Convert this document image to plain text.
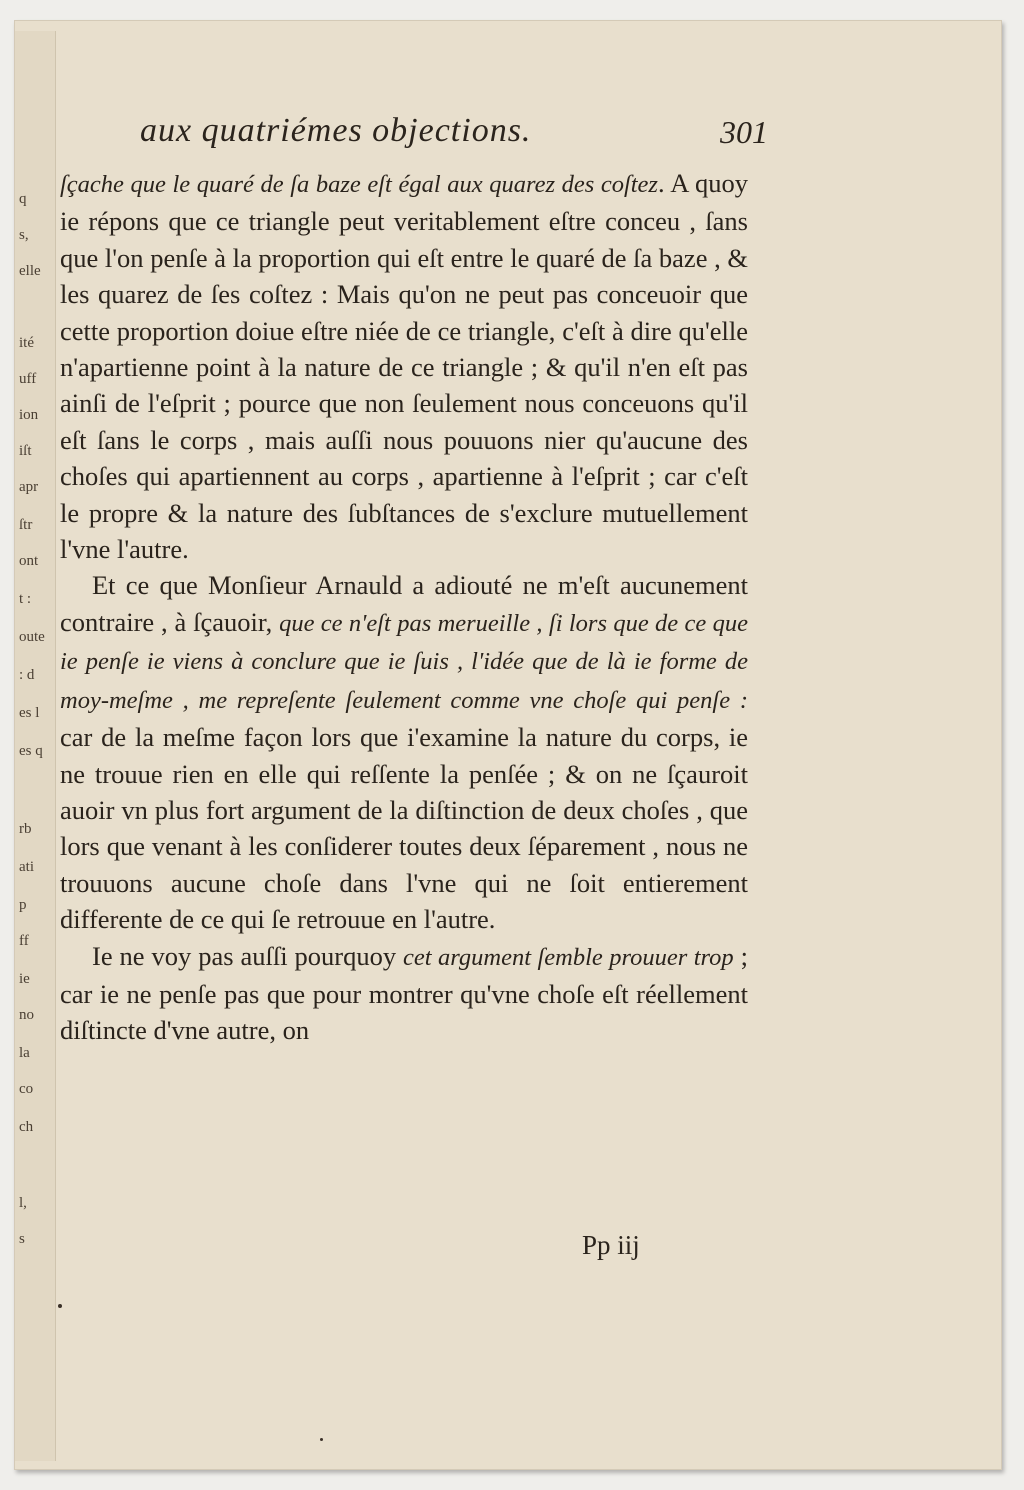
q
s,
elle
ité
uff
ion
iſt
apr
ſtr
ont
t :
oute
: d
es l
es q
rb
ati
p
ff
ie
no
la
co
ch
l,
s
aux quatriémes objections.	301

ſçache que le quaré de ſa baze eſt égal aux quarez des coſtez. A quoy ie répons que ce triangle peut veritablement eſtre conceu , ſans que l'on penſe à la proportion qui eſt entre le quaré de ſa baze , & les quarez de ſes coſtez : Mais qu'on ne peut pas conceuoir que cette proportion doiue eſtre niée de ce triangle, c'eſt à dire qu'elle n'apartienne point à la nature de ce triangle ; & qu'il n'en eſt pas ainſi de l'eſprit ; pource que non ſeulement nous conceuons qu'il eſt ſans le corps , mais auſſi nous pouuons nier qu'aucune des choſes qui apartiennent au corps , apartienne à l'eſprit ; car c'eſt le propre & la nature des ſubſtances de s'exclure mutuellement l'vne l'autre.

Et ce que Monſieur Arnauld a adiouté ne m'eſt aucunement contraire , à ſçauoir, que ce n'eſt pas merueille , ſi lors que de ce que ie penſe ie viens à conclure que ie ſuis , l'idée que de là ie forme de moy-meſme , me repreſente ſeulement comme vne choſe qui penſe : car de la meſme façon lors que i'examine la nature du corps, ie ne trouue rien en elle qui reſſente la penſée ; & on ne ſçauroit auoir vn plus fort argument de la diſtinction de deux choſes , que lors que venant à les conſiderer toutes deux ſéparement , nous ne trouuons aucune choſe dans l'vne qui ne ſoit entierement differente de ce qui ſe retrouue en l'autre.

Ie ne voy pas auſſi pourquoy cet argument ſemble prouuer trop ; car ie ne penſe pas que pour montrer qu'vne choſe eſt réellement diſtincte d'vne autre, on

Pp iij
